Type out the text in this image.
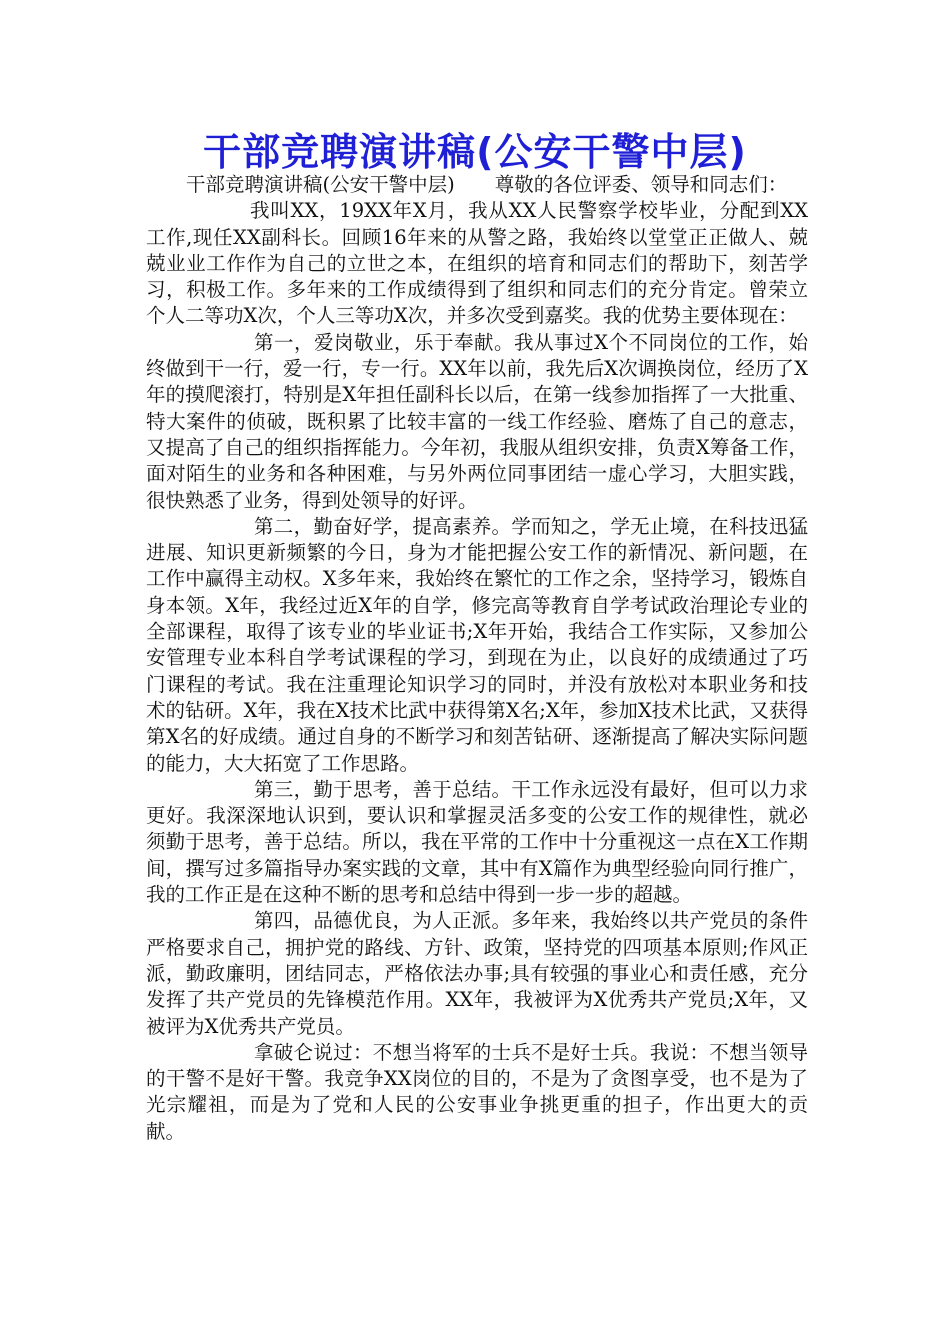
干部竞聘演讲稿(公安干警中层)

干部竞聘演讲稿(公安干警中层) 尊敬的各位评委、领导和同志们：

我叫XX，19XX年X月，我从XX人民警察学校毕业，分配到XX工作,现任XX副科长。回顾16年来的从警之路，我始终以堂堂正正做人、兢兢业业工作作为自己的立世之本，在组织的培育和同志们的帮助下，刻苦学习，积极工作。多年来的工作成绩得到了组织和同志们的充分肯定。曾荣立个人二等功X次，个人三等功X次，并多次受到嘉奖。我的优势主要体现在：

第一，爱岗敬业，乐于奉献。我从事过X个不同岗位的工作，始终做到干一行，爱一行，专一行。XX年以前，我先后X次调换岗位，经历了X年的摸爬滚打，特别是X年担任副科长以后，在第一线参加指挥了一大批重、特大案件的侦破，既积累了比较丰富的一线工作经验、磨炼了自己的意志，又提高了自己的组织指挥能力。今年初，我服从组织安排，负责X筹备工作，面对陌生的业务和各种困难，与另外两位同事团结一虚心学习，大胆实践，很快熟悉了业务，得到处领导的好评。

第二，勤奋好学，提高素养。学而知之，学无止境，在科技迅猛进展、知识更新频繁的今日，身为才能把握公安工作的新情况、新问题，在工作中赢得主动权。X多年来，我始终在繁忙的工作之余，坚持学习，锻炼自身本领。X年，我经过近X年的自学，修完高等教育自学考试政治理论专业的全部课程，取得了该专业的毕业证书;X年开始，我结合工作实际，又参加公安管理专业本科自学考试课程的学习，到现在为止，以良好的成绩通过了巧门课程的考试。我在注重理论知识学习的同时，并没有放松对本职业务和技术的钻研。X年，我在X技术比武中获得第X名;X年，参加X技术比武，又获得第X名的好成绩。通过自身的不断学习和刻苦钻研、逐渐提高了解决实际问题的能力，大大拓宽了工作思路。

第三，勤于思考，善于总结。干工作永远没有最好，但可以力求更好。我深深地认识到，要认识和掌握灵活多变的公安工作的规律性，就必须勤于思考，善于总结。所以，我在平常的工作中十分重视这一点在X工作期间，撰写过多篇指导办案实践的文章，其中有X篇作为典型经验向同行推广，我的工作正是在这种不断的思考和总结中得到一步一步的超越。

第四，品德优良，为人正派。多年来，我始终以共产党员的条件严格要求自己，拥护党的路线、方针、政策，坚持党的四项基本原则;作风正派，勤政廉明，团结同志，严格依法办事;具有较强的事业心和责任感，充分发挥了共产党员的先锋模范作用。XX年，我被评为X优秀共产党员;X年，又被评为X优秀共产党员。

拿破仑说过：不想当将军的士兵不是好士兵。我说：不想当领导的干警不是好干警。我竞争XX岗位的目的，不是为了贪图享受，也不是为了光宗耀祖，而是为了党和人民的公安事业争挑更重的担子，作出更大的贡献。
